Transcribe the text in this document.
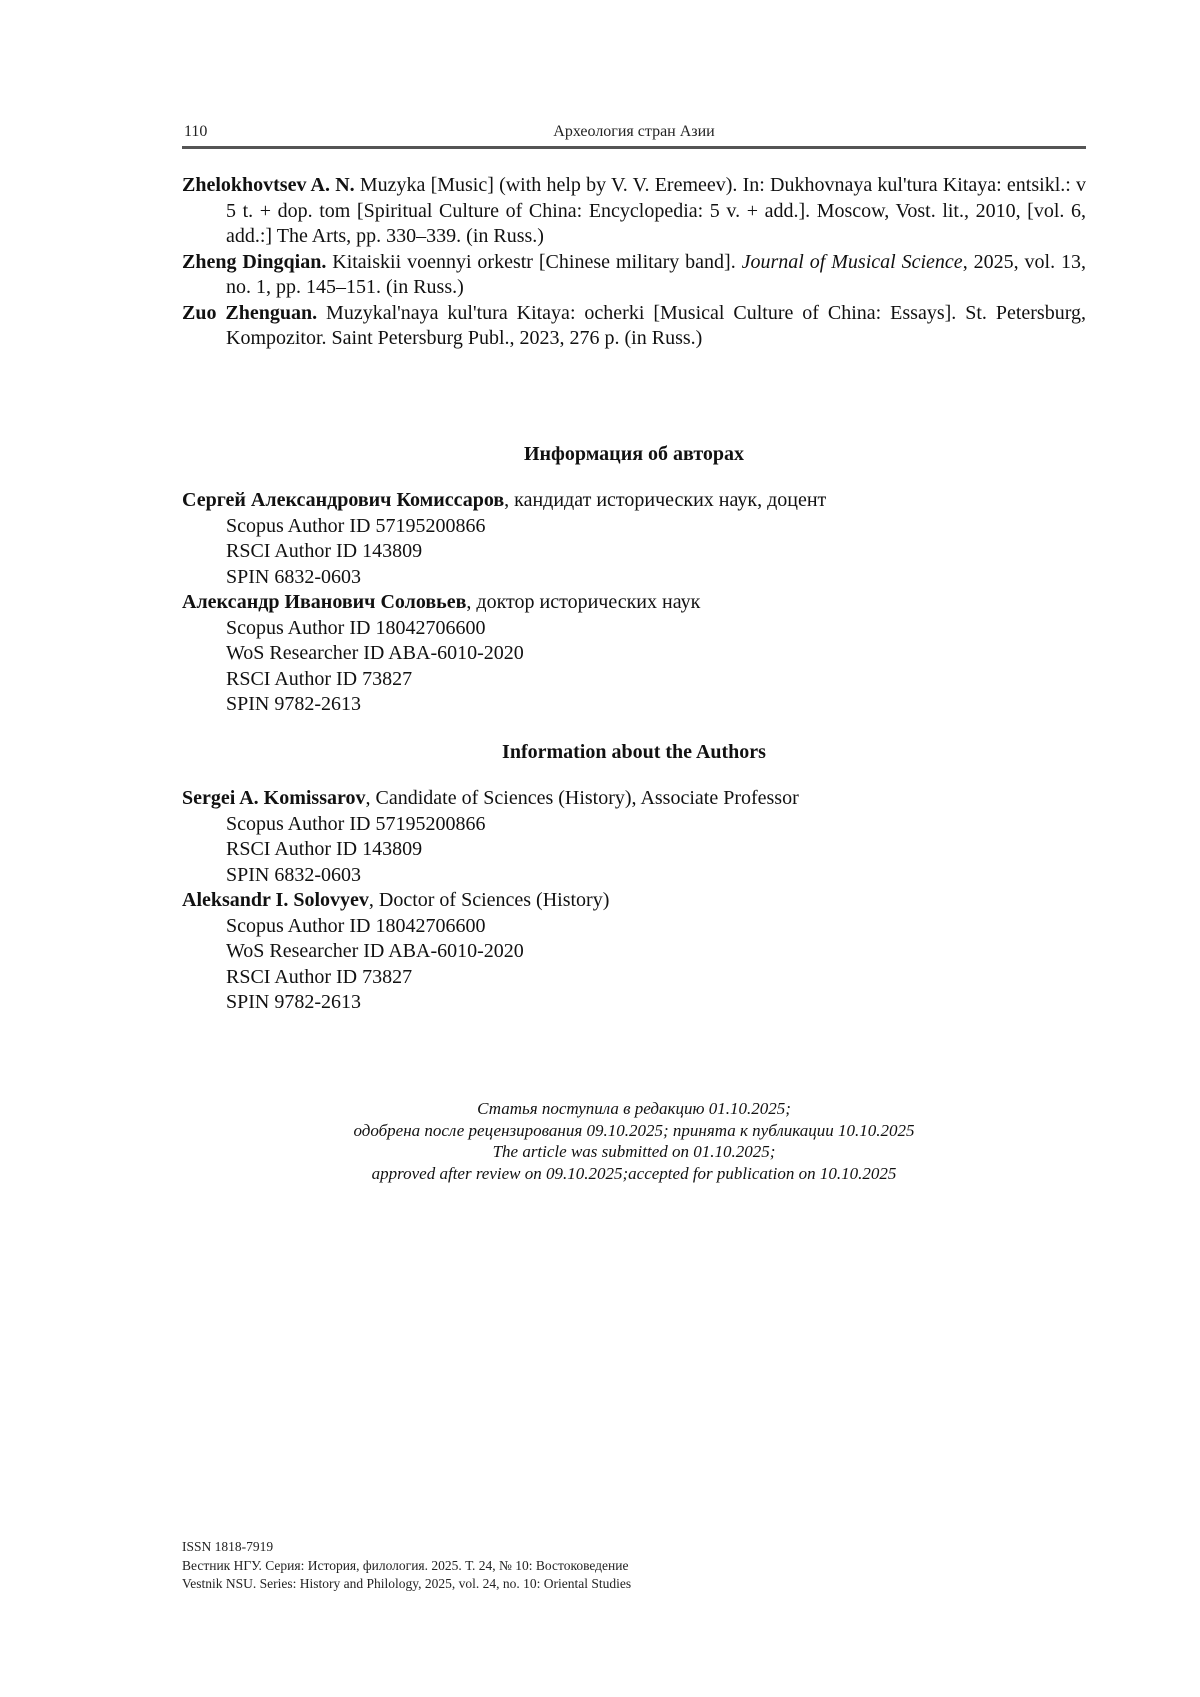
110	Археология стран Азии
Zhelokhovtsev A. N. Muzyka [Music] (with help by V. V. Eremeev). In: Dukhovnaya kul'tura Kitaya: entsikl.: v 5 t. + dop. tom [Spiritual Culture of China: Encyclopedia: 5 v. + add.]. Moscow, Vost. lit., 2010, [vol. 6, add.:] The Arts, pp. 330–339. (in Russ.)
Zheng Dingqian. Kitaiskii voennyi orkestr [Chinese military band]. Journal of Musical Science, 2025, vol. 13, no. 1, pp. 145–151. (in Russ.)
Zuo Zhenguan. Muzykal'naya kul'tura Kitaya: ocherki [Musical Culture of China: Essays]. St. Petersburg, Kompozitor. Saint Petersburg Publ., 2023, 276 p. (in Russ.)
Информация об авторах
Сергей Александрович Комиссаров, кандидат исторических наук, доцент
Scopus Author ID 57195200866
RSCI Author ID 143809
SPIN 6832-0603
Александр Иванович Соловьев, доктор исторических наук
Scopus Author ID 18042706600
WoS Researcher ID ABA-6010-2020
RSCI Author ID 73827
SPIN 9782-2613
Information about the Authors
Sergei A. Komissarov, Candidate of Sciences (History), Associate Professor
Scopus Author ID 57195200866
RSCI Author ID 143809
SPIN 6832-0603
Aleksandr I. Solovyev, Doctor of Sciences (History)
Scopus Author ID 18042706600
WoS Researcher ID ABA-6010-2020
RSCI Author ID 73827
SPIN 9782-2613
Статья поступила в редакцию 01.10.2025;
одобрена после рецензирования 09.10.2025; принята к публикации 10.10.2025
The article was submitted on 01.10.2025;
approved after review on 09.10.2025;accepted for publication on 10.10.2025
ISSN 1818-7919
Вестник НГУ. Серия: История, филология. 2025. Т. 24, № 10: Востоковедение
Vestnik NSU. Series: History and Philology, 2025, vol. 24, no. 10: Oriental Studies
